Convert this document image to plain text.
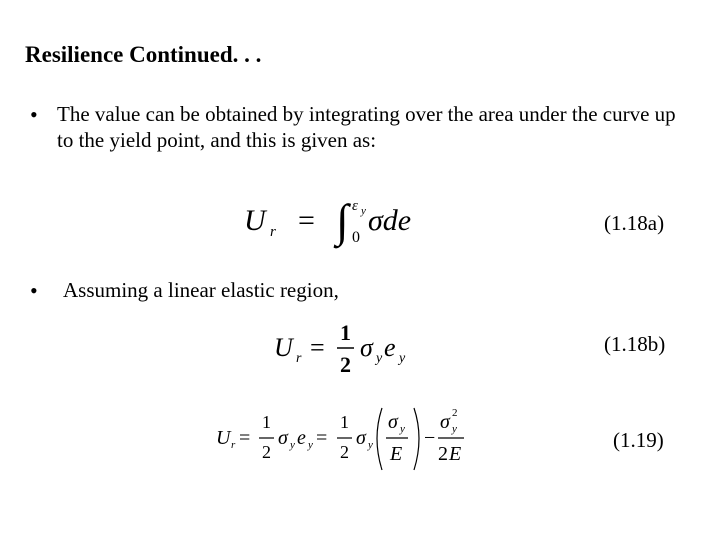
Resilience Continued. . .
• The value can be obtained by integrating over the area under the curve up to the yield point, and this is given as:
U r = ∫ 0
ε y σde	(1.18a)
• Assuming a linear elastic region,
U r =
1
2
σ y e y
(1.18b)
U r =
1
2
σ y e y =
1
2
σ y
σ y
E
−
σ 2
y
2 E
(1.19)
